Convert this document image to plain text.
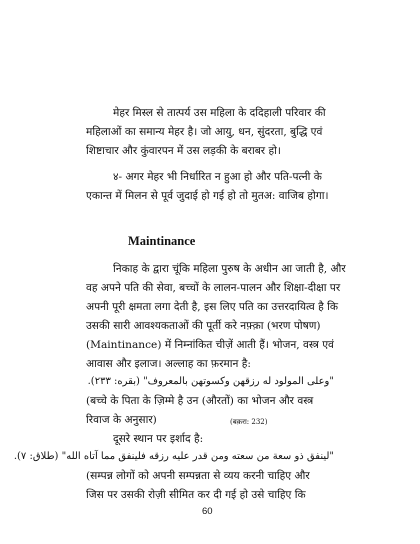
मेहर मिस्ल से तात्पर्य उस महिला के ददिहाली परिवार की
महिलाओं का समान्य मेहर है। जो आयु, धन, सुंदरता, बुद्धि एवं
शिष्टाचार और कुंवारपन में उस लड़की के बराबर हो।
४- अगर मेहर भी निर्धारित न हुआ हो और पति-पत्नी के
एकान्त में मिलन से पूर्व जुदाई हो गई हो तो मुतअ: वाजिब होगा।
Maintinance
निकाह के द्वारा चूंकि महिला पुरुष के अधीन आ जाती है, और
वह अपने पति की सेवा, बच्चों के लालन-पालन और शिक्षा-दीक्षा पर
अपनी पूरी क्षमता लगा देती है, इस लिए पति का उत्तरदायित्व है कि
उसकी सारी आवश्यकताओं की पूर्ती करे नफ़्क़ा (भरण पोषण)
(Maintinance) में निम्नांकित चीज़ें आती हैं। भोजन, वस्त्र एवं
आवास और इलाज। अल्लाह का फ़रमान है:
"وعلى المولود له رزقهن وكسوتهن بالمعروف" (بقره: ٢٣٣).
(बच्चे के पिता के ज़िम्मे है उन (औरतों) का भोजन और वस्त्र
रिवाज के अनुसार)	(बक़रा: 232)
दूसरे स्थान पर इर्शाद है:
"لينفق ذو سعة من سعته ومن قدر عليه رزقه فلينفق مما آتاه الله" (طلاق: ٧).
(सम्पन्न लोगों को अपनी सम्पन्नता से व्यय करनी चाहिए और
जिस पर उसकी रोज़ी सीमित कर दी गई हो उसे चाहिए कि
60
